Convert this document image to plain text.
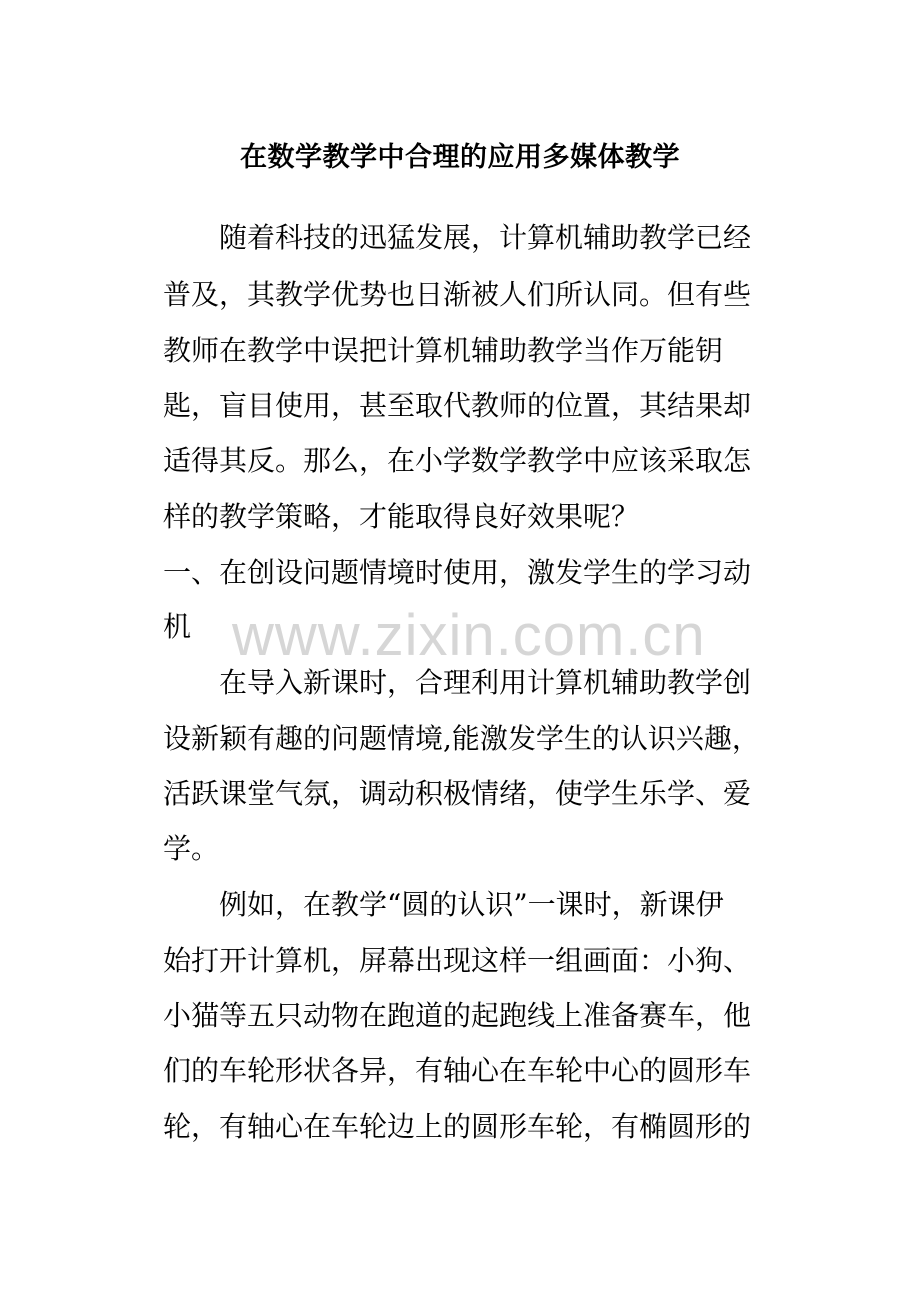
在数学教学中合理的应用多媒体教学
　　随着科技的迅猛发展，计算机辅助教学已经
普及，其教学优势也日渐被人们所认同。但有些
教师在教学中误把计算机辅助教学当作万能钥
匙，盲目使用，甚至取代教师的位置，其结果却
适得其反。那么，在小学数学教学中应该采取怎
样的教学策略，才能取得良好效果呢？
一、在创设问题情境时使用，激发学生的学习动
机
　　在导入新课时，合理利用计算机辅助教学创
设新颖有趣的问题情境,能激发学生的认识兴趣，
活跃课堂气氛，调动积极情绪，使学生乐学、爱
学。
　　例如，在教学“圆的认识”一课时，新课伊
始打开计算机，屏幕出现这样一组画面：小狗、
小猫等五只动物在跑道的起跑线上准备赛车，他
们的车轮形状各异，有轴心在车轮中心的圆形车
轮，有轴心在车轮边上的圆形车轮，有椭圆形的
www.zixin.com.cn
